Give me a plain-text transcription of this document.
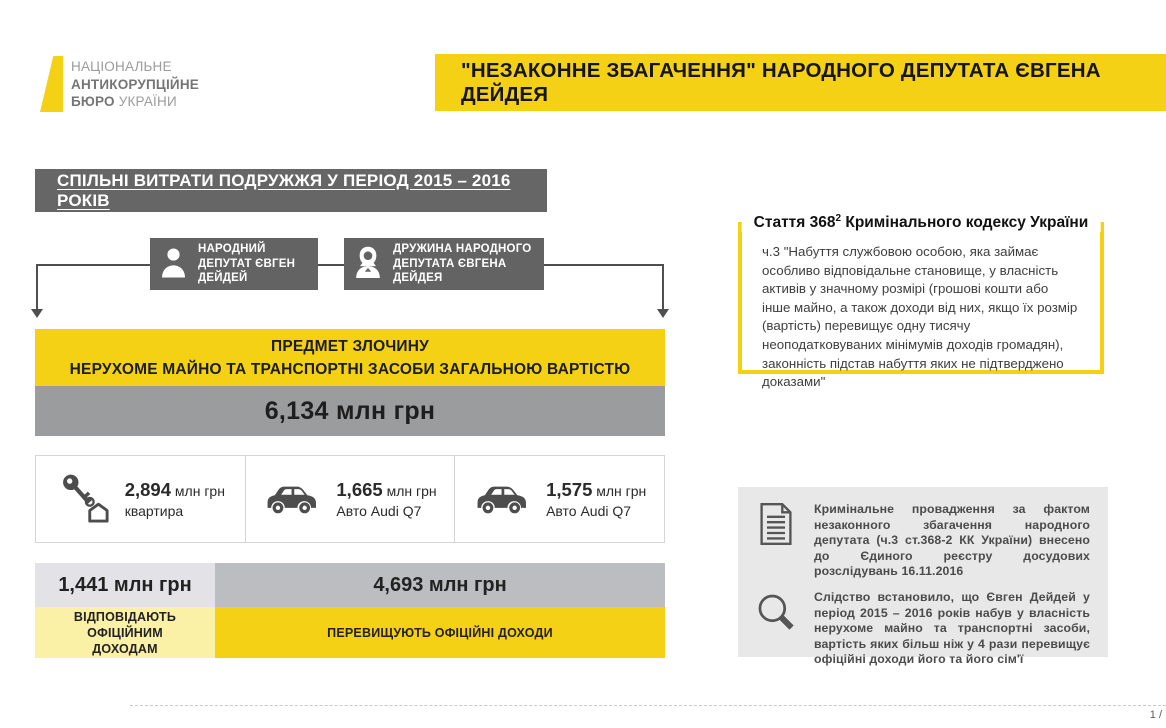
НАЦІОНАЛЬНЕ
АНТИКОРУПЦІЙНЕ
БЮРО УКРАЇНИ
"НЕЗАКОННЕ ЗБАГАЧЕННЯ" НАРОДНОГО ДЕПУТАТА ЄВГЕНА ДЕЙДЕЯ
СПІЛЬНІ ВИТРАТИ ПОДРУЖЖЯ У ПЕРІОД 2015 – 2016 РОКІВ
НАРОДНИЙ ДЕПУТАТ ЄВГЕН ДЕЙДЕЙ
ДРУЖИНА НАРОДНОГО ДЕПУТАТА ЄВГЕНА ДЕЙДЕЯ
ПРЕДМЕТ ЗЛОЧИНУ
НЕРУХОМЕ МАЙНО ТА ТРАНСПОРТНІ ЗАСОБИ ЗАГАЛЬНОЮ ВАРТІСТЮ
6,134 млн грн
2,894 млн грн
квартира
1,665 млн грн
Авто Audi Q7
1,575 млн грн
Авто Audi Q7
1,441 млн грн
ВІДПОВІДАЮТЬ ОФІЦІЙНИМ ДОХОДАМ
4,693 млн грн
ПЕРЕВИЩУЮТЬ ОФІЦІЙНІ ДОХОДИ
Стаття $368^2$ Кримінального кодексу України
ч.3 "Набуття службовою особою, яка займає особливо відповідальне становище, у власність активів у значному розмірі (грошові кошти або інше майно, а також доходи від них, якщо їх розмір (вартість) перевищує одну тисячу неоподатковуваних мінімумів доходів громадян), законність підстав набуття яких не підтверджено доказами"
Кримінальне провадження за фактом незаконного збагачення народного депутата (ч.3 ст.368-2 КК України) внесено до Єдиного реєстру досудових розслідувань 16.11.2016
Слідство встановило, що Євген Дейдей у період 2015 – 2016 років набув у власність нерухоме майно та транспортні засоби, вартість яких більш ніж у 4 рази перевищує офіційні доходи його та його сім'ї
1 /
